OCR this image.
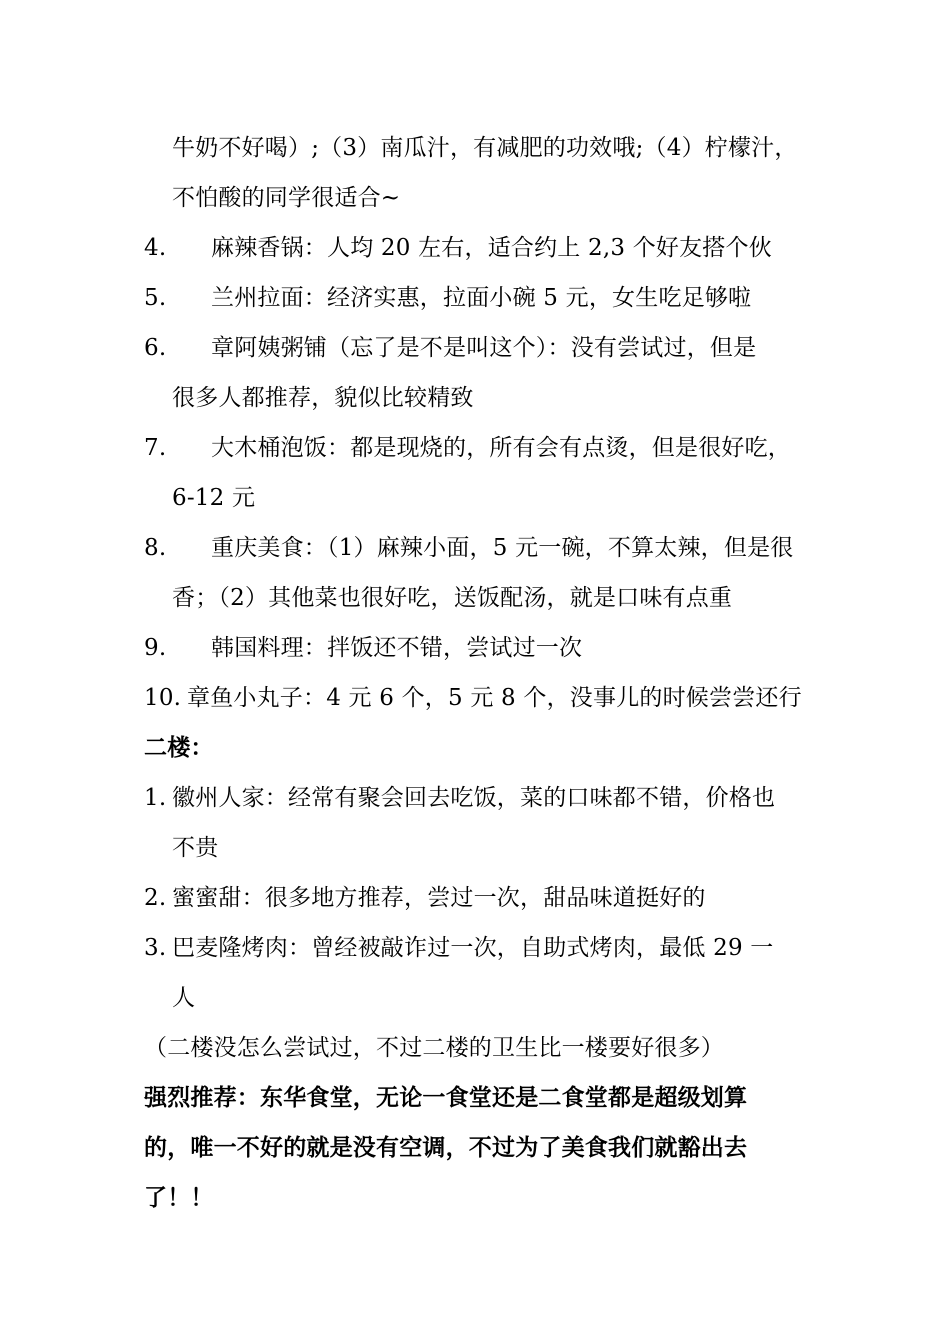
牛奶不好喝）;（3）南瓜汁，有减肥的功效哦;（4）柠檬汁，
不怕酸的同学很适合~
4. 麻辣香锅：人均 20 左右，适合约上 2,3 个好友搭个伙
5. 兰州拉面：经济实惠，拉面小碗 5 元，女生吃足够啦
6. 章阿姨粥铺（忘了是不是叫这个）：没有尝试过，但是
很多人都推荐，貌似比较精致
7. 大木桶泡饭：都是现烧的，所有会有点烫，但是很好吃，
6-12 元
8. 重庆美食：（1）麻辣小面，5 元一碗，不算太辣，但是很
香；（2）其他菜也很好吃，送饭配汤，就是口味有点重
9. 韩国料理：拌饭还不错，尝试过一次
10. 章鱼小丸子：4 元 6 个，5 元 8 个，没事儿的时候尝尝还行
二楼：
1. 徽州人家：经常有聚会回去吃饭，菜的口味都不错，价格也
不贵
2. 蜜蜜甜：很多地方推荐，尝过一次，甜品味道挺好的
3. 巴麦隆烤肉：曾经被敲诈过一次，自助式烤肉，最低 29 一
人
（二楼没怎么尝试过，不过二楼的卫生比一楼要好很多）
强烈推荐：东华食堂，无论一食堂还是二食堂都是超级划算
的，唯一不好的就是没有空调，不过为了美食我们就豁出去
了！！
